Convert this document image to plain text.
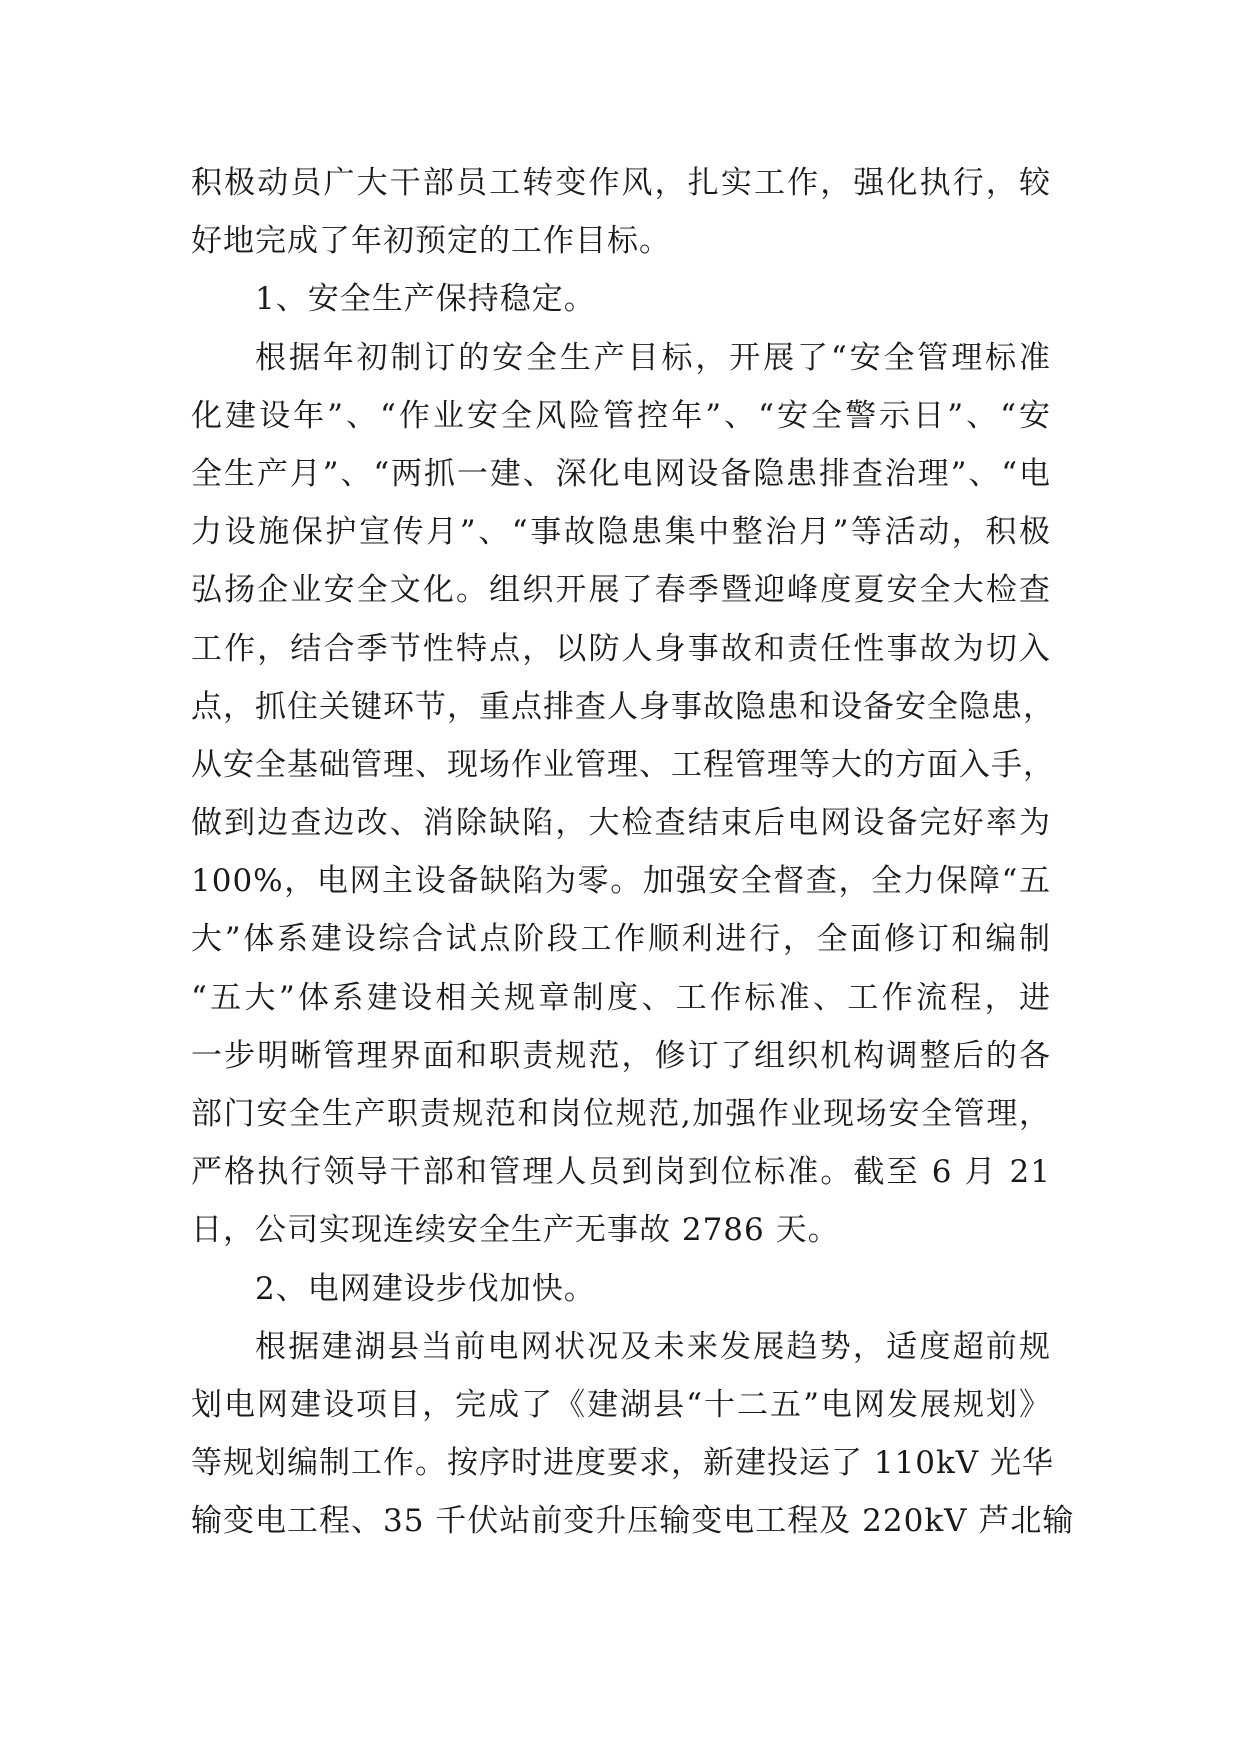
积极动员广大干部员工转变作风，扎实工作，强化执行，较
好地完成了年初预定的工作目标。
1、安全生产保持稳定。
根据年初制订的安全生产目标，开展了“安全管理标准
化建设年”、“作业安全风险管控年”、“安全警示日”、“安
全生产月”、“两抓一建、深化电网设备隐患排查治理”、“电
力设施保护宣传月”、“事故隐患集中整治月”等活动，积极
弘扬企业安全文化。组织开展了春季暨迎峰度夏安全大检查
工作，结合季节性特点，以防人身事故和责任性事故为切入
点，抓住关键环节，重点排查人身事故隐患和设备安全隐患，
从安全基础管理、现场作业管理、工程管理等大的方面入手，
做到边查边改、消除缺陷，大检查结束后电网设备完好率为
100%，电网主设备缺陷为零。加强安全督查，全力保障“五
大”体系建设综合试点阶段工作顺利进行，全面修订和编制
“五大”体系建设相关规章制度、工作标准、工作流程，进
一步明晰管理界面和职责规范，修订了组织机构调整后的各
部门安全生产职责规范和岗位规范,加强作业现场安全管理，
严格执行领导干部和管理人员到岗到位标准。截至 6 月 21
日，公司实现连续安全生产无事故 2786 天。
2、电网建设步伐加快。
根据建湖县当前电网状况及未来发展趋势，适度超前规
划电网建设项目，完成了《建湖县“十二五”电网发展规划》
等规划编制工作。按序时进度要求，新建投运了 110kV 光华
输变电工程、35 千伏站前变升压输变电工程及 220kV 芦北输
